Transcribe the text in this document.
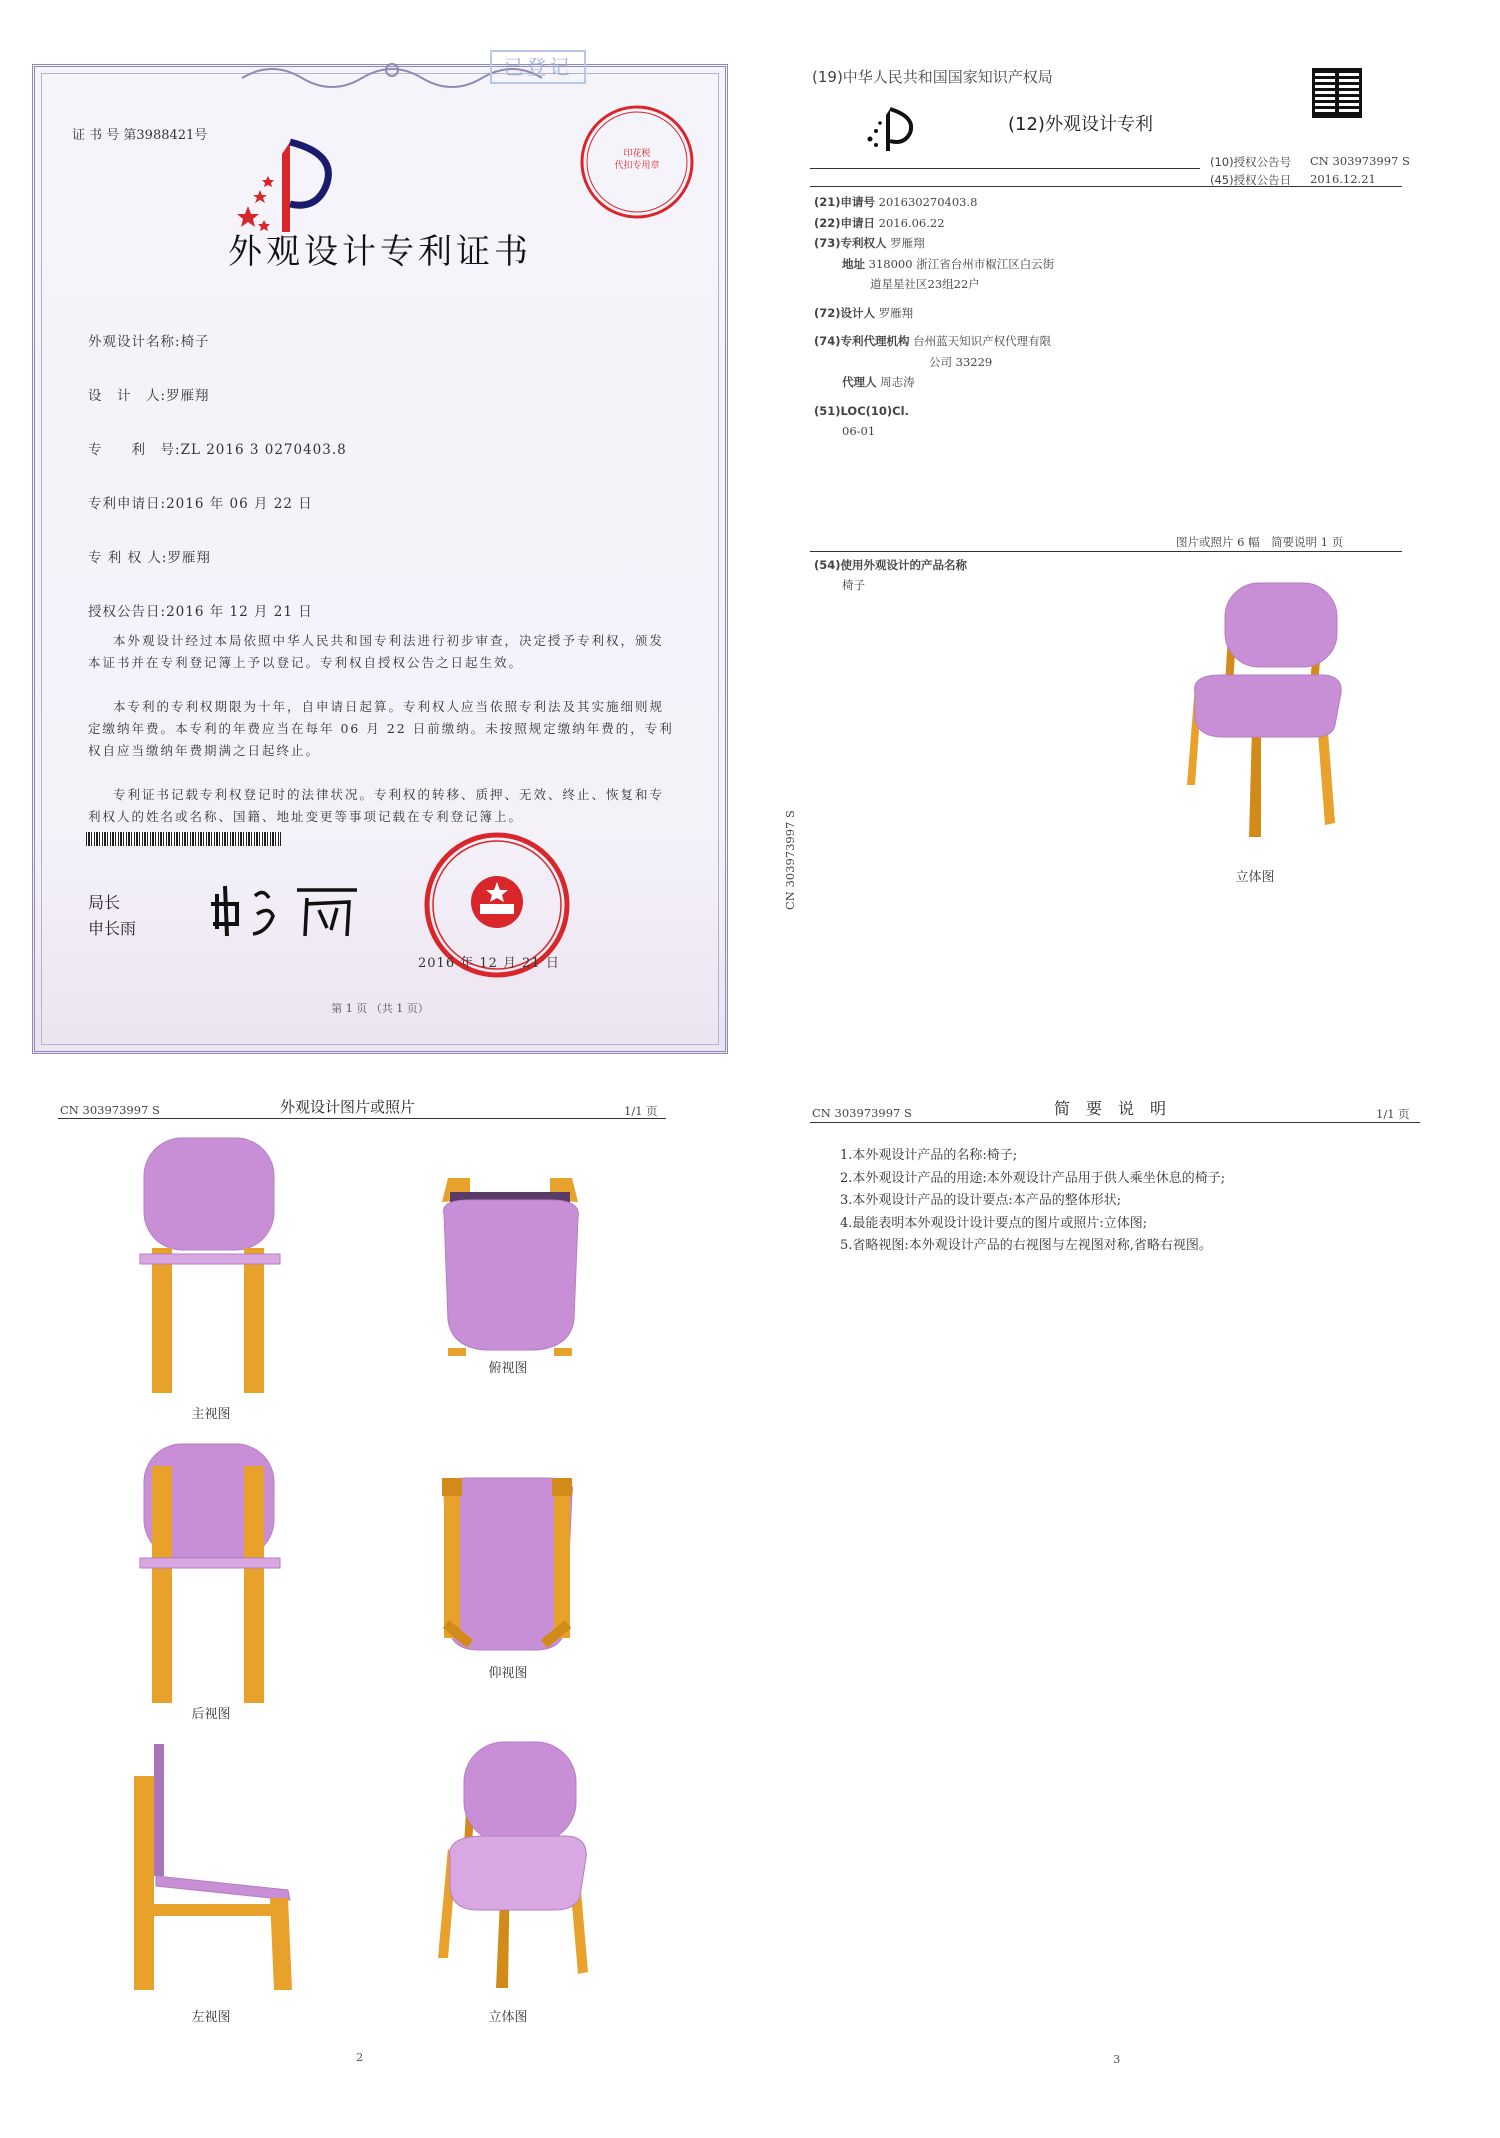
已登记
证 书 号 第3988421号
印花税
代扣专用章
外观设计专利证书
外观设计名称:椅子
设　计　人:罗雁翔
专　　利　号:ZL 2016 3 0270403.8
专利申请日:2016 年 06 月 22 日
专 利 权 人:罗雁翔
授权公告日:2016 年 12 月 21 日
本外观设计经过本局依照中华人民共和国专利法进行初步审查，决定授予专利权，颁发本证书并在专利登记簿上予以登记。专利权自授权公告之日起生效。
本专利的专利权期限为十年，自申请日起算。专利权人应当依照专利法及其实施细则规定缴纳年费。本专利的年费应当在每年 06 月 22 日前缴纳。未按照规定缴纳年费的，专利权自应当缴纳年费期满之日起终止。
专利证书记载专利权登记时的法律状况。专利权的转移、质押、无效、终止、恢复和专利权人的姓名或名称、国籍、地址变更等事项记载在专利登记簿上。
局长
申长雨
2016 年 12 月 21 日
第 1 页 （共 1 页）
(19)中华人民共和国国家知识产权局
(12)外观设计专利
(10)授权公告号 CN 303973997 S
(45)授权公告日 2016.12.21
(21)申请号 201630270403.8
(22)申请日 2016.06.22
(73)专利权人 罗雁翔
地址 318000 浙江省台州市椒江区白云街
道星星社区23组22户
(72)设计人 罗雁翔
(74)专利代理机构 台州蓝天知识产权代理有限
公司 33229
代理人 周志涛
(51)LOC(10)Cl.
06-01
图片或照片 6 幅　简要说明 1 页
(54)使用外观设计的产品名称
椅子
CN 303973997 S	立体图
CN 303973997 S	外观设计图片或照片	1/1 页
主视图
俯视图
后视图
仰视图
左视图	立体图
2
CN 303973997 S	简　要　说　明	1/1 页
1.本外观设计产品的名称:椅子;
2.本外观设计产品的用途:本外观设计产品用于供人乘坐休息的椅子;
3.本外观设计产品的设计要点:本产品的整体形状;
4.最能表明本外观设计设计要点的图片或照片:立体图;
5.省略视图:本外观设计产品的右视图与左视图对称,省略右视图。
3
